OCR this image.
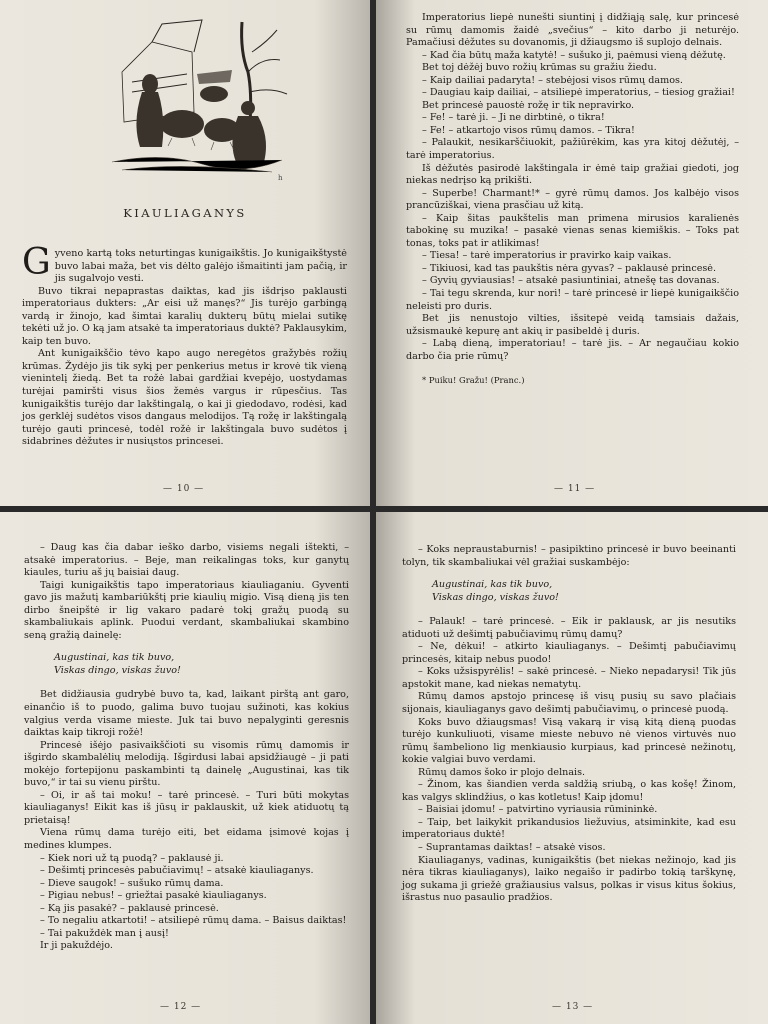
h
KIAULIAGANYS

Gyveno kartą toks neturtingas kunigaikštis. Jo kunigaikštystė buvo labai maža, bet vis dėlto galėjo išmaitinti jam pačią, ir jis sugalvojo vesti.

Buvo tikrai nepaprastas daiktas, kad jis išdrįso paklausti imperatoriaus dukters: „Ar eisi už manęs?“ Jis turėjo garbingą vardą ir žinojo, kad šimtai karalių dukterų būtų mielai sutikę tekėti už jo. O ką jam atsakė ta imperatoriaus duktė? Paklausykim, kaip ten buvo.

Ant kunigaikščio tėvo kapo augo neregėtos gražybės rožių krūmas. Žydėjo jis tik sykį per penkerius metus ir krovė tik vieną vienintelį žiedą. Bet ta rožė labai gardžiai kvepėjo, uostydamas turėjai pamiršti visus šios žemės vargus ir rūpesčius. Tas kunigaikštis turėjo dar lakštingalą, o kai ji giedodavo, rodėsi, kad jos gerklėj sudėtos visos dangaus melodijos. Tą rožę ir lakštingalą turėjo gauti princesė, todėl rožė ir lakštingala buvo sudėtos į sidabrines dėžutes ir nusiųstos princesei.

— 10 —

Imperatorius liepė nunešti siuntinį į didžiąją salę, kur princesė su rūmų damomis žaidė „svečius“ – kito darbo ji neturėjo. Pamačiusi dėžutes su dovanomis, ji džiaugsmo iš suplojo delnais.

– Kad čia būtų maža katytė! – sušuko ji, paėmusi vieną dėžutę.

Bet toj dėžėj buvo rožių krūmas su gražiu žiedu.

– Kaip dailiai padaryta! – stebėjosi visos rūmų damos.

– Daugiau kaip dailiai, – atsiliepė imperatorius, – tiesiog gražiai!

Bet princesė pauostė rožę ir tik nepravirko.

– Fe! – tarė ji. – Ji ne dirbtinė, o tikra!

– Fe! – atkartojo visos rūmų damos. – Tikra!

– Palaukit, nesikarščiuokit, pažiūrėkim, kas yra kitoj dėžutėj, – tarė imperatorius.

Iš dėžutės pasirodė lakštingala ir ėmė taip gražiai giedoti, jog niekas nedrįso ką prikišti.

– Superbe! Charmant!* – gyrė rūmų damos. Jos kalbėjo visos prancūziškai, viena prasčiau už kitą.

– Kaip šitas paukštelis man primena mirusios karalienės tabokinę su muzika! – pasakė vienas senas kiemiškis. – Toks pat tonas, toks pat ir atlikimas!

– Tiesa! – tarė imperatorius ir pravirko kaip vaikas.

– Tikiuosi, kad tas paukštis nėra gyvas? – paklausė princesė.

– Gyvių gyviausias! – atsakė pasiuntiniai, atnešę tas dovanas.

– Tai tegu skrenda, kur nori! – tarė princesė ir liepė kunigaikščio neleisti pro duris.

Bet jis nenustojo vilties, išsitepė veidą tamsiais dažais, užsismaukė kepurę ant akių ir pasibeldė į duris.

– Labą dieną, imperatoriau! – tarė jis. – Ar negaučiau kokio darbo čia prie rūmų?

* Puiku! Gražu! (Pranc.)

— 11 —

– Daug kas čia dabar ieško darbo, visiems negali ištekti, – atsakė imperatorius. – Beje, man reikalingas toks, kur ganytų kiaules, turiu aš jų baisiai daug.

Taigi kunigaikštis tapo imperatoriaus kiauliaganiu. Gyventi gavo jis mažutį kambariūkštį prie kiaulių migio. Visą dieną jis ten dirbo šneipštė ir lig vakaro padarė tokį gražų puodą su skambaliukais aplink. Puodui verdant, skambaliukai skambino seną gražią dainelę:

Augustinai, kas tik buvo,

Viskas dingo, viskas žuvo!

Bet didžiausia gudrybė buvo ta, kad, laikant pirštą ant garo, einančio iš to puodo, galima buvo tuojau sužinoti, kas kokius valgius verda visame mieste. Juk tai buvo nepalyginti geresnis daiktas kaip tikroji rožė!

Princesė išėjo pasivaikščioti su visomis rūmų damomis ir išgirdo skambalėlių melodiją. Išgirdusi labai apsidžiaugė – ji pati mokėjo fortepijonu paskambinti tą dainelę „Augustinai, kas tik buvo,“ ir tai su vienu pirštu.

– Oi, ir aš tai moku! – tarė princesė. – Turi būti mokytas kiauliaganys! Eikit kas iš jūsų ir paklauskit, už kiek atiduotų tą prietaisą!

Viena rūmų dama turėjo eiti, bet eidama įsimovė kojas į medines klumpes.

– Kiek nori už tą puodą? – paklausė ji.

– Dešimtį princesės pabučiavimų! – atsakė kiauliaganys.

– Dieve saugok! – sušuko rūmų dama.

– Pigiau nebus! – griežtai pasakė kiauliaganys.

– Ką jis pasakė? – paklausė princesė.

– To negaliu atkartoti! – atsiliepė rūmų dama. – Baisus daiktas!

– Tai pakuždėk man į ausį!

Ir ji pakuždėjo.

— 12 —

– Koks nepraustaburnis! – pasipiktino princesė ir buvo beeinanti tolyn, tik skambaliukai vėl gražiai suskambėjo:

Augustinai, kas tik buvo,

Viskas dingo, viskas žuvo!

– Palauk! – tarė princesė. – Eik ir paklausk, ar jis nesutiks atiduoti už dešimtį pabučiavimų rūmų damų?

– Ne, dėkui! – atkirto kiauliaganys. – Dešimtį pabučiavimų princesės, kitaip nebus puodo!

– Koks užsispyrėlis! – sakė princesė. – Nieko nepadarysi! Tik jūs apstokit mane, kad niekas nematytų.

Rūmų damos apstojo princesę iš visų pusių su savo plačiais sijonais, kiauliaganys gavo dešimtį pabučiavimų, o princesė puodą.

Koks buvo džiaugsmas! Visą vakarą ir visą kitą dieną puodas turėjo kunkuliuoti, visame mieste nebuvo nė vienos virtuvės nuo rūmų šambeliono lig menkiausio kurpiaus, kad princesė nežinotų, kokie valgiai buvo verdami.

Rūmų damos šoko ir plojo delnais.

– Žinom, kas šiandien verda saldžią sriubą, o kas košę! Žinom, kas valgys sklindžius, o kas kotletus! Kaip įdomu!

– Baisiai įdomu! – patvirtino vyriausia rūmininkė.

– Taip, bet laikykit prikandusios liežuvius, atsiminkite, kad esu imperatoriaus duktė!

– Suprantamas daiktas! – atsakė visos.

Kiauliaganys, vadinas, kunigaikštis (bet niekas nežinojo, kad jis nėra tikras kiauliaganys), laiko negaišo ir padirbo tokią tarškynę, jog sukama ji griežė gražiausius valsus, polkas ir visus kitus šokius, išrastus nuo pasaulio pradžios.

— 13 —
